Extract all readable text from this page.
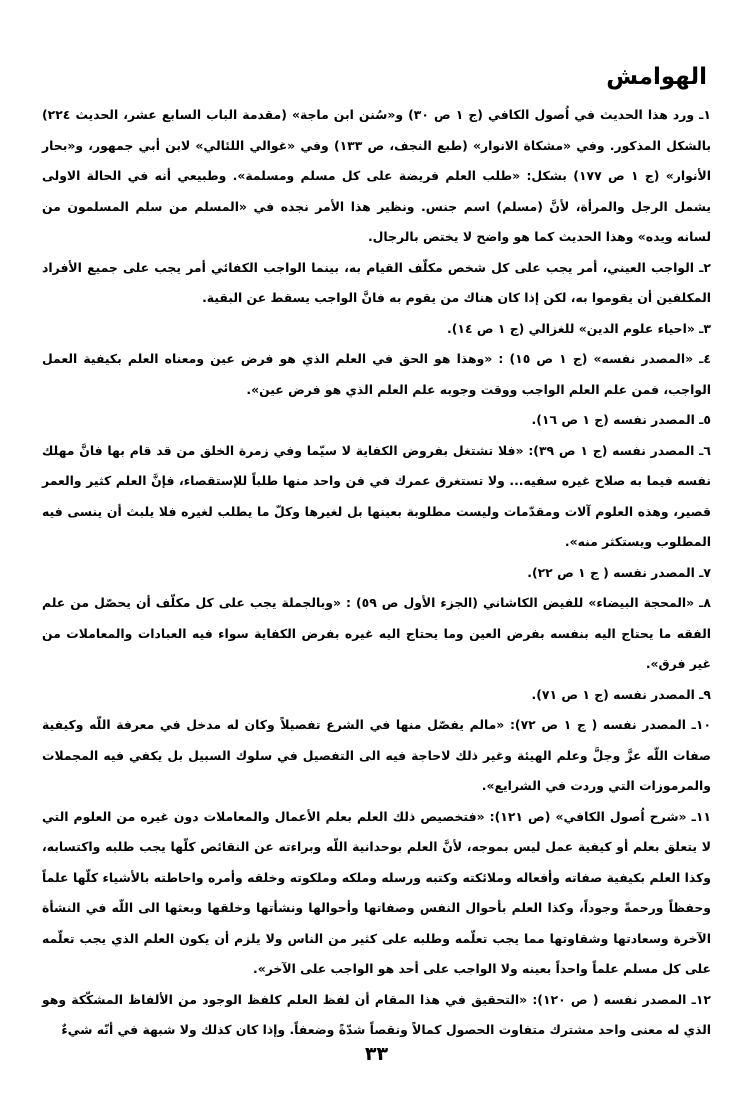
الهوامش

١ـ ورد هذا الحديث في اُصول الكافي (ج ١ ص ٣٠) و«سُنن ابن ماجة» (مقدمة الباب السابع عشر، الحديث ٢٢٤) بالشكل المذكور. وفي «مشكاة الانوار» (طبع النجف، ص ١٣٣) وفي «غوالي اللئالي» لابن أبي جمهور، و«بحار الأنوار» (ج ١ ص ١٧٧) بشكل: «طلب العلم فريضة على كل مسلم ومسلمة». وطبيعي أنه في الحالة الاولى يشمل الرجل والمرأة، لأنَّ (مسلم) اسم جنس. ونظير هذا الأمر نجده في «المسلم من سلم المسلمون من لسانه ويده» وهذا الحديث كما هو واضح لا يختص بالرجال.

٢ـ الواجب العيني، أمر يجب على كل شخص مكلّف القيام به، بينما الواجب الكفائي أمر يجب على جميع الأفراد المكلفين أن يقوموا به، لكن إذا كان هناك من يقوم به فانَّ الواجب يسقط عن البقية.

٣ـ «احياء علوم الدين» للغزالي (ج ١ ص ١٤).

٤ـ «المصدر نفسه» (ج ١ ص ١٥) : «وهذا هو الحق في العلم الذي هو فرض عين ومعناه العلم بكيفية العمل الواجب، فمن علم العلم الواجب ووقت وجوبه علم العلم الذي هو فرض عين».

٥ـ المصدر نفسه (ج ١ ص ١٦).

٦ـ المصدر نفسه (ج ١ ص ٣٩): «فلا تشتغل بفروض الكفاية لا سيّما وفي زمرة الخلق من قد قام بها فانَّ مهلك نفسه فيما به صلاح غيره سفيه... ولا تستغرق عمرك في فن واحد منها طلباً للإستقصاء، فإنَّ العلم كثير والعمر قصير، وهذه العلوم آلات ومقدّمات وليست مطلوبة بعينها بل لغيرها وكلّ ما يطلب لغيره فلا يلبث أن ينسى فيه المطلوب ويستكثر منه».

٧ـ المصدر نفسه ( ج ١ ص ٢٢).

٨ـ «المحجة البيضاء» للفيض الكاشاني (الجزء الأول ص ٥٩) : «وبالجملة يجب على كل مكلّف أن يحصّل من علم الفقه ما يحتاج اليه بنفسه بفرض العين وما يحتاج اليه غيره بفرض الكفاية سواء فيه العبادات والمعاملات من غير فرق».

٩ـ المصدر نفسه (ج ١ ص ٧١).

١٠ـ المصدر نفسه ( ج ١ ص ٧٢): «مالم يفصّل منها في الشرع تفصيلاً وكان له مدخل في معرفة اللّه وكيفية صفات اللّه عزَّ وجلَّ وعلم الهيئة وغير ذلك لاحاجة فيه الى التفصيل في سلوك السبيل بل يكفي فيه المجملات والمرموزات التي وردت في الشرايع».

١١ـ «شرح اُصول الكافي» (ص ١٢١): «فتخصيص ذلك العلم بعلم الأعمال والمعاملات دون غيره من العلوم التي لا يتعلق بعلم أو كيفية عمل ليس بموجه، لأنَّ العلم بوحدانية اللّه وبراءته عن النقائص كلّها يجب طلبه واكتسابه، وكذا العلم بكيفية صفاته وأفعاله وملائكته وكتبه ورسله وملكه وملكوته وخلقه وأمره واحاطته بالأشياء كلّها علماً وحفظاً ورحمةً وجوداً، وكذا العلم بأحوال النفس وصفاتها وأحوالها ونشأتها وخلقها وبعثها الى اللّه في النشأة الآخرة وسعادتها وشقاوتها مما يجب تعلّمه وطلبه على كثير من الناس ولا يلزم أن يكون العلم الذي يجب تعلّمه على كل مسلم علماً واحداً بعينه ولا الواجب على أحد هو الواجب على الآخر».

١٢ـ المصدر نفسه ( ص ١٢٠): «التحقيق في هذا المقام أن لفظ العلم كلفظ الوجود من الألفاظ المشكّكة وهو الذي له معنى واحد مشترك متفاوت الحصول كمالاً ونقصاً شدّةً وضعفاً. وإذا كان كذلك ولا شبهة في أنّه شيءٌ

٣٣
